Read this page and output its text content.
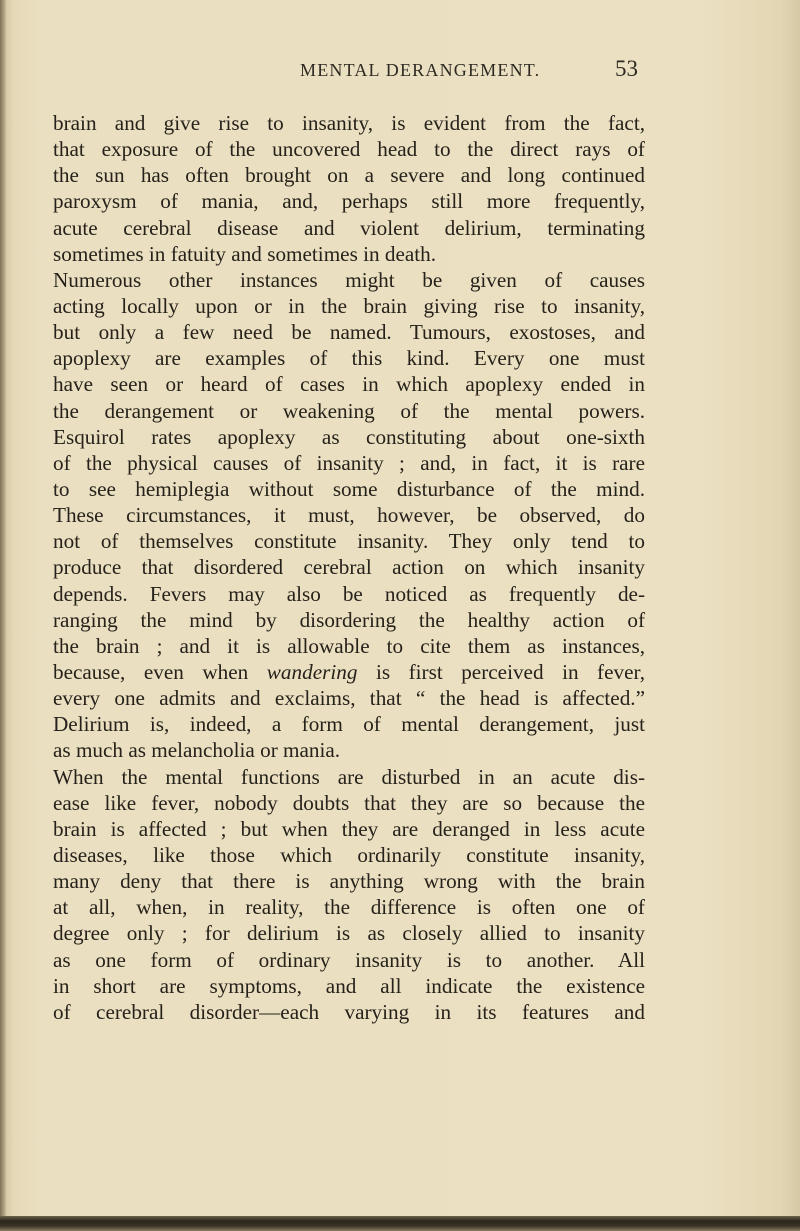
MENTAL DERANGEMENT.	53
brain and give rise to insanity, is evident from the fact,
that exposure of the uncovered head to the direct rays of
the sun has often brought on a severe and long continued
paroxysm of mania, and, perhaps still more frequently,
acute cerebral disease and violent delirium, terminating
sometimes in fatuity and sometimes in death.
Numerous other instances might be given of causes
acting locally upon or in the brain giving rise to insanity,
but only a few need be named. Tumours, exostoses, and
apoplexy are examples of this kind. Every one must
have seen or heard of cases in which apoplexy ended in
the derangement or weakening of the mental powers.
Esquirol rates apoplexy as constituting about one-sixth
of the physical causes of insanity ; and, in fact, it is rare
to see hemiplegia without some disturbance of the mind.
These circumstances, it must, however, be observed, do
not of themselves constitute insanity. They only tend to
produce that disordered cerebral action on which insanity
depends. Fevers may also be noticed as frequently de-
ranging the mind by disordering the healthy action of
the brain ; and it is allowable to cite them as instances,
because, even when wandering is first perceived in fever,
every one admits and exclaims, that “ the head is affected.”
Delirium is, indeed, a form of mental derangement, just
as much as melancholia or mania.
When the mental functions are disturbed in an acute dis-
ease like fever, nobody doubts that they are so because the
brain is affected ; but when they are deranged in less acute
diseases, like those which ordinarily constitute insanity,
many deny that there is anything wrong with the brain
at all, when, in reality, the difference is often one of
degree only ; for delirium is as closely allied to insanity
as one form of ordinary insanity is to another. All
in short are symptoms, and all indicate the existence
of cerebral disorder—each varying in its features and
